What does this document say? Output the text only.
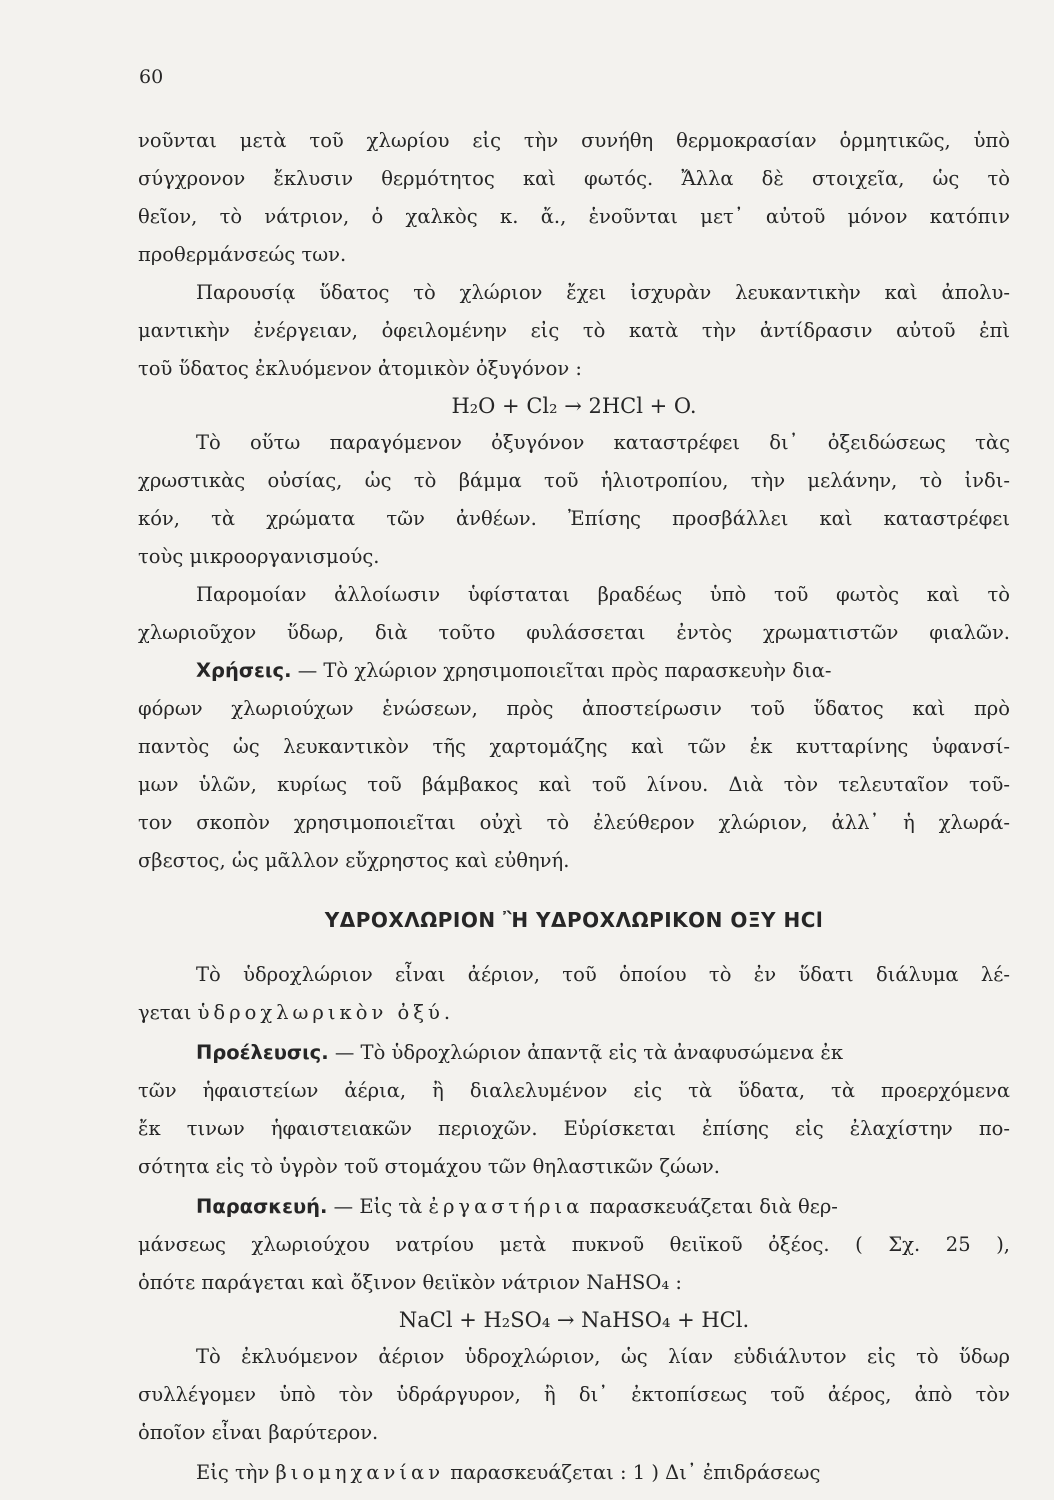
60
νοῦνται μετὰ τοῦ χλωρίου εἰς τὴν συνήθη θερμοκρασίαν ὁρμητικῶς, ὑπὸ
σύγχρονον ἔκλυσιν θερμότητος καὶ φωτός. Ἄλλα δὲ στοιχεῖα, ὡς τὸ
θεῖον, τὸ νάτριον, ὁ χαλκὸς κ. ἄ., ἑνοῦνται μετ᾽ αὐτοῦ μόνον κατόπιν
προθερμάνσεώς των.
Παρουσίᾳ ὕδατος τὸ χλώριον ἔχει ἰσχυρὰν λευκαντικὴν καὶ ἀπολυ-
μαντικὴν ἐνέργειαν, ὀφειλομένην εἰς τὸ κατὰ τὴν ἀντίδρασιν αὐτοῦ ἐπὶ
τοῦ ὕδατος ἐκλυόμενον ἀτομικὸν ὀξυγόνον :
H₂O + Cl₂ → 2HCl + O.
Τὸ οὕτω παραγόμενον ὀξυγόνον καταστρέφει δι᾽ ὀξειδώσεως τὰς
χρωστικὰς οὐσίας, ὡς τὸ βάμμα τοῦ ἡλιοτροπίου, τὴν μελάνην, τὸ ἰνδι-
κόν, τὰ χρώματα τῶν ἀνθέων. Ἐπίσης προσβάλλει καὶ καταστρέφει
τοὺς μικροοργανισμούς.
Παρομοίαν ἀλλοίωσιν ὑφίσταται βραδέως ὑπὸ τοῦ φωτὸς καὶ τὸ
χλωριοῦχον ὕδωρ, διὰ τοῦτο φυλάσσεται ἐντὸς χρωματιστῶν φιαλῶν.
Χρήσεις. — Τὸ χλώριον χρησιμοποιεῖται πρὸς παρασκευὴν δια-
φόρων χλωριούχων ἑνώσεων, πρὸς ἀποστείρωσιν τοῦ ὕδατος καὶ πρὸ
παντὸς ὡς λευκαντικὸν τῆς χαρτομάζης καὶ τῶν ἐκ κυτταρίνης ὑφανσί-
μων ὑλῶν, κυρίως τοῦ βάμβακος καὶ τοῦ λίνου. Διὰ τὸν τελευταῖον τοῦ-
τον σκοπὸν χρησιμοποιεῖται οὐχὶ τὸ ἐλεύθερον χλώριον, ἀλλ᾽ ἡ χλωρά-
σβεστος, ὡς μᾶλλον εὔχρηστος καὶ εὐθηνή.
ΥΔΡΟΧΛΩΡΙΟΝ Ἢ ΥΔΡΟΧΛΩΡΙΚΟΝ ΟΞΥ HCl
Τὸ ὑδροχλώριον εἶναι ἀέριον, τοῦ ὁποίου τὸ ἐν ὕδατι διάλυμα λέ-
γεται ὑδροχλωρικὸν ὀξύ.
Προέλευσις. — Τὸ ὑδροχλώριον ἀπαντᾷ εἰς τὰ ἀναφυσώμενα ἐκ
τῶν ἡφαιστείων ἀέρια, ἢ διαλελυμένον εἰς τὰ ὕδατα, τὰ προερχόμενα
ἔκ τινων ἡφαιστειακῶν περιοχῶν. Εὑρίσκεται ἐπίσης εἰς ἐλαχίστην πο-
σότητα εἰς τὸ ὑγρὸν τοῦ στομάχου τῶν θηλαστικῶν ζώων.
Παρασκευή. — Εἰς τὰ ἐργαστήρια παρασκευάζεται διὰ θερ-
μάνσεως χλωριούχου νατρίου μετὰ πυκνοῦ θειϊκοῦ ὀξέος. ( Σχ. 25 ),
ὁπότε παράγεται καὶ ὄξινον θειϊκὸν νάτριον NaHSO₄ :
NaCl + H₂SO₄ → NaHSO₄ + HCl.
Τὸ ἐκλυόμενον ἀέριον ὑδροχλώριον, ὡς λίαν εὐδιάλυτον εἰς τὸ ὕδωρ
συλλέγομεν ὑπὸ τὸν ὑδράργυρον, ἢ δι᾽ ἐκτοπίσεως τοῦ ἀέρος, ἀπὸ τὸν
ὁποῖον εἶναι βαρύτερον.
Εἰς τὴν βιομηχανίαν παρασκευάζεται : 1 ) Δι᾽ ἐπιδράσεως
